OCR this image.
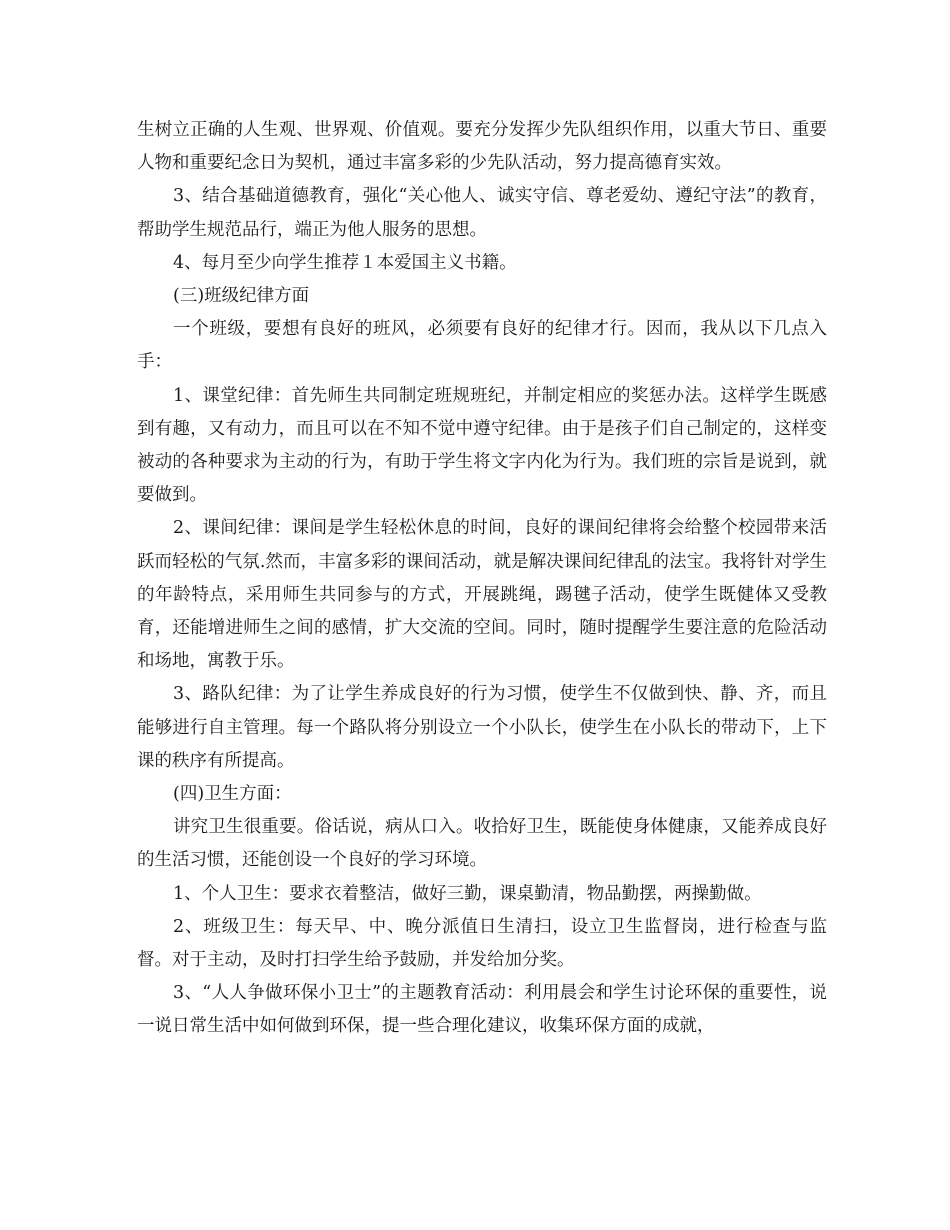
生树立正确的人生观、世界观、价值观。要充分发挥少先队组织作用，以重大节日、重要人物和重要纪念日为契机，通过丰富多彩的少先队活动，努力提高德育实效。

3、结合基础道德教育，强化“关心他人、诚实守信、尊老爱幼、遵纪守法”的教育，帮助学生规范品行，端正为他人服务的思想。

4、每月至少向学生推荐１本爱国主义书籍。

(三)班级纪律方面

一个班级，要想有良好的班风，必须要有良好的纪律才行。因而，我从以下几点入手：

1、课堂纪律：首先师生共同制定班规班纪，并制定相应的奖惩办法。这样学生既感到有趣，又有动力，而且可以在不知不觉中遵守纪律。由于是孩子们自己制定的，这样变被动的各种要求为主动的行为，有助于学生将文字内化为行为。我们班的宗旨是说到，就要做到。

2、课间纪律：课间是学生轻松休息的时间，良好的课间纪律将会给整个校园带来活跃而轻松的气氛.然而，丰富多彩的课间活动，就是解决课间纪律乱的法宝。我将针对学生的年龄特点，采用师生共同参与的方式，开展跳绳，踢毽子活动，使学生既健体又受教育，还能增进师生之间的感情，扩大交流的空间。同时，随时提醒学生要注意的危险活动和场地，寓教于乐。

3、路队纪律：为了让学生养成良好的行为习惯，使学生不仅做到快、静、齐，而且能够进行自主管理。每一个路队将分别设立一个小队长，使学生在小队长的带动下，上下课的秩序有所提高。

(四)卫生方面：

讲究卫生很重要。俗话说，病从口入。收拾好卫生，既能使身体健康，又能养成良好的生活习惯，还能创设一个良好的学习环境。

1、个人卫生：要求衣着整洁，做好三勤，课桌勤清，物品勤摆，两操勤做。

2、班级卫生：每天早、中、晚分派值日生清扫，设立卫生监督岗，进行检查与监督。对于主动，及时打扫学生给予鼓励，并发给加分奖。

3、“人人争做环保小卫士”的主题教育活动：利用晨会和学生讨论环保的重要性，说一说日常生活中如何做到环保，提一些合理化建议，收集环保方面的成就，
